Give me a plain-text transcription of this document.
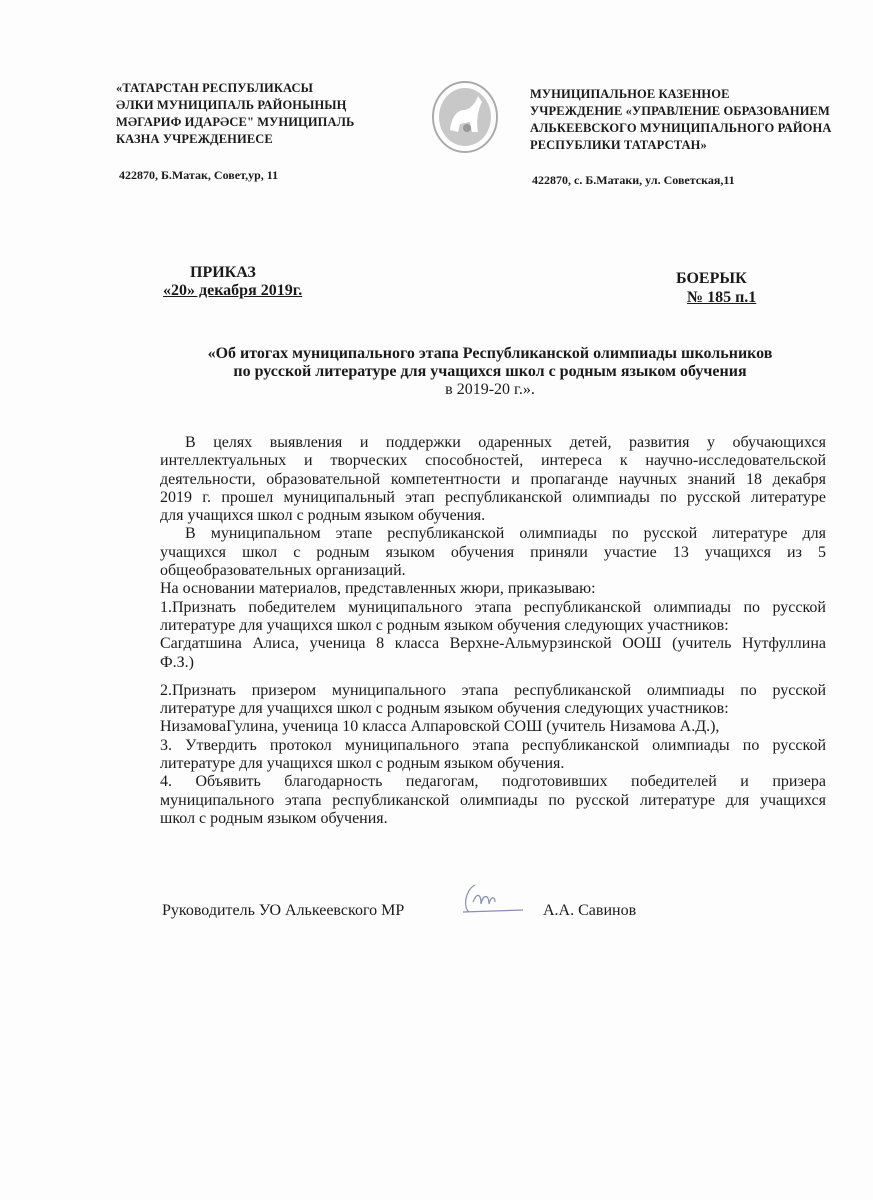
«ТАТАРСТАН РЕСПУБЛИКАСЫ
ӘЛКИ МУНИЦИПАЛЬ РАЙОНЫНЫҢ
МӘГАРИФ ИДАРӘСЕ" МУНИЦИПАЛЬ
КАЗНА УЧРЕЖДЕНИЕСЕ
422870, Б.Матак, Совет,ур, 11
МУНИЦИПАЛЬНОЕ КАЗЕННОЕ
УЧРЕЖДЕНИЕ «УПРАВЛЕНИЕ ОБРАЗОВАНИЕМ
АЛЬКЕЕВСКОГО МУНИЦИПАЛЬНОГО РАЙОНА
РЕСПУБЛИКИ ТАТАРСТАН»
422870, с. Б.Матаки, ул. Советская,11
ПРИКАЗ
«20» декабря 2019г.
БОЕРЫК
№ 185 п.1
«Об итогах муниципального этапа Республиканской олимпиады школьников
по русской литературе для учащихся школ с родным языком обучения
в 2019-20 г.».
В целях выявления и поддержки одаренных детей, развития у обучающихся
интеллектуальных и творческих способностей, интереса к научно-исследовательской
деятельности, образовательной компетентности и пропаганде научных знаний 18 декабря
2019 г. прошел муниципальный этап республиканской олимпиады по русской литературе
для учащихся школ с родным языком обучения.
В муниципальном этапе республиканской олимпиады по русской литературе для
учащихся школ с родным языком обучения приняли участие 13 учащихся из 5
общеобразовательных организаций.
На основании материалов, представленных жюри, приказываю:
1.Признать победителем муниципального этапа республиканской олимпиады по русской
литературе для учащихся школ с родным языком обучения следующих участников:
Сагдатшина Алиса, ученица 8 класса Верхне-Альмурзинской ООШ (учитель Нутфуллина
Ф.З.)
2.Признать призером муниципального этапа республиканской олимпиады по русской
литературе для учащихся школ с родным языком обучения следующих участников:
НизамоваГулина, ученица 10 класса Алпаровской СОШ (учитель Низамова А.Д.),
3. Утвердить протокол муниципального этапа республиканской олимпиады по русской
литературе для учащихся школ с родным языком обучения.
4. Объявить благодарность педагогам, подготовивших победителей и призера
муниципального этапа республиканской олимпиады по русской литературе для учащихся
школ с родным языком обучения.
Руководитель УО Алькеевского МР	А.А. Савинов
